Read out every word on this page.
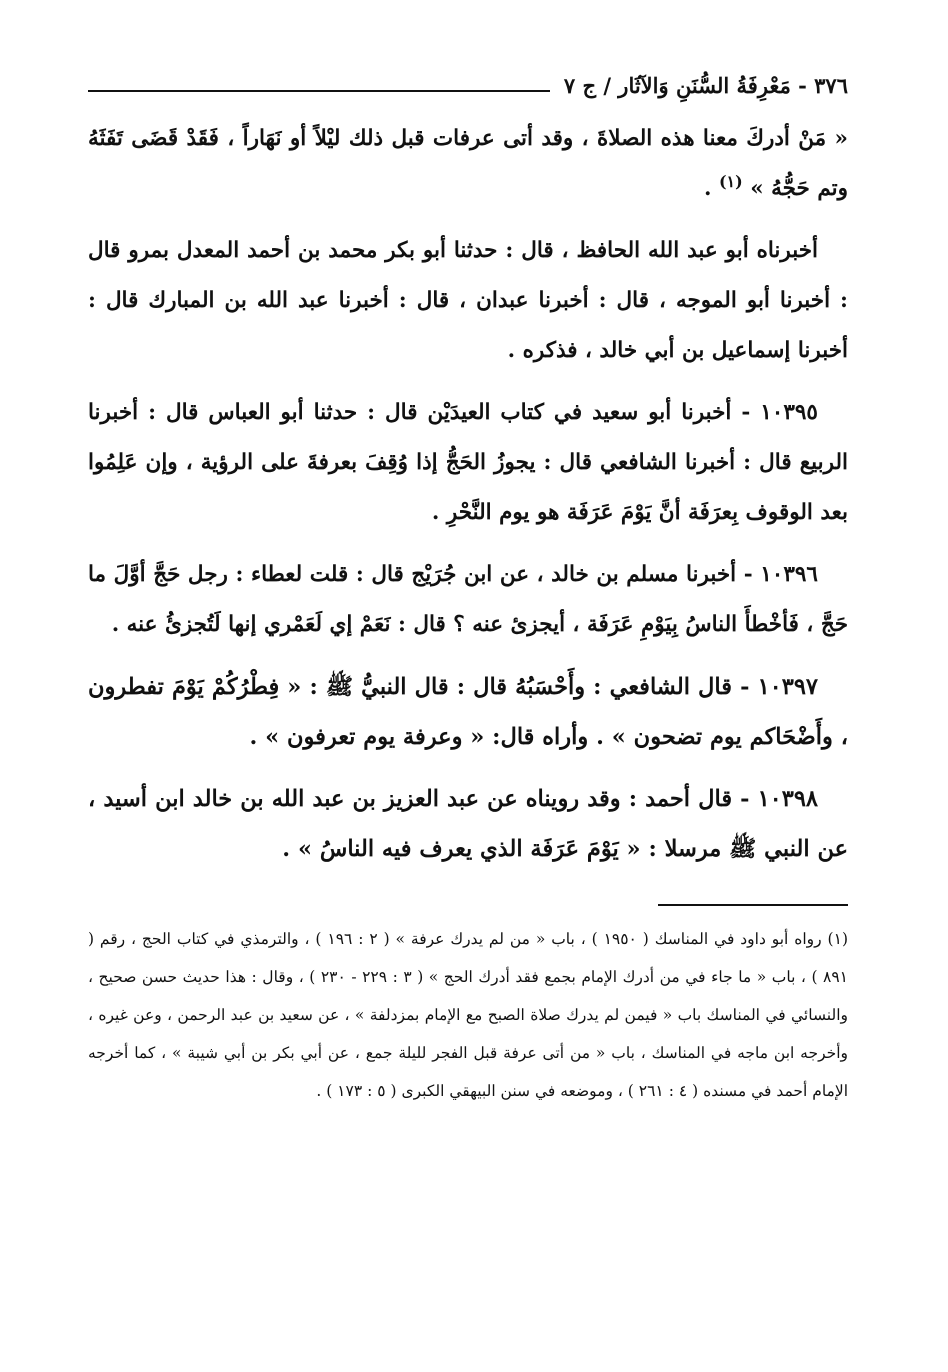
٣٧٦ - مَعْرِفَةُ السُّنَنِ وَالآثَار / ج ٧

« مَنْ أدركَ معنا هذه الصلاةَ ، وقد أتى عرفات قبل ذلك ليْلاً أو نَهَاراً ، فَقَدْ قَضَى تَفَثَهُ وتم حَجُّهُ » $^{(١)}$ .

أخبرناه أبو عبد الله الحافظ ، قال : حدثنا أبو بكر محمد بن أحمد المعدل بمرو قال : أخبرنا أبو الموجه ، قال : أخبرنا عبدان ، قال : أخبرنا عبد الله بن المبارك قال : أخبرنا إسماعيل بن أبي خالد ، فذكره .

١٠٣٩٥ - أخبرنا أبو سعيد في كتاب العيدَيْن قال : حدثنا أبو العباس قال : أخبرنا الربيع قال : أخبرنا الشافعي قال : يجوزُ الحَجُّ إذا وُقِفَ بعرفةَ على الرؤية ، وإن عَلِمُوا بعد الوقوف بِعرَفَة أنَّ يَوْمَ عَرَفَة هو يوم النَّحْرِ .

١٠٣٩٦ - أخبرنا مسلم بن خالد ، عن ابن جُرَيْج قال : قلت لعطاء : رجل حَجَّ أوَّلَ ما حَجَّ ، فَأخْطأَ الناسُ بِيَوْمِ عَرَفَة ، أيجزئ عنه ؟ قال : نَعَمْ إي لَعَمْري إنها لَتُجزئُ عنه .

١٠٣٩٧ - قال الشافعي : وأَحْسَبُهُ قال : قال النبيُّ ﷺ : « فِطْرُكُمْ يَوْمَ تفطرون ، وأَضْحَاكم يوم تضحون » . وأراه قال: « وعرفة يوم تعرفون » .

١٠٣٩٨ - قال أحمد : وقد رويناه عن عبد العزيز بن عبد الله بن خالد ابن أسيد ، عن النبي ﷺ مرسلا : « يَوْمَ عَرَفَة الذي يعرف فيه الناسُ » .

(١) رواه أبو داود في المناسك ( ١٩٥٠ ) ، باب « من لم يدرك عرفة » ( ٢ : ١٩٦ ) ، والترمذي في كتاب الحج ، رقم ( ٨٩١ ) ، باب « ما جاء في من أدرك الإمام بجمع فقد أدرك الحج » ( ٣ : ٢٢٩ - ٢٣٠ ) ، وقال : هذا حديث حسن صحيح ، والنسائي في المناسك باب « فيمن لم يدرك صلاة الصبح مع الإمام بمزدلفة » ، عن سعيد بن عبد الرحمن ، وعن غيره ، وأخرجه ابن ماجه في المناسك ، باب « من أتى عرفة قبل الفجر لليلة جمع ، عن أبي بكر بن أبي شيبة » ، كما أخرجه الإمام أحمد في مسنده ( ٤ : ٢٦١ ) ، وموضعه في سنن البيهقي الكبرى ( ٥ : ١٧٣ ) .
